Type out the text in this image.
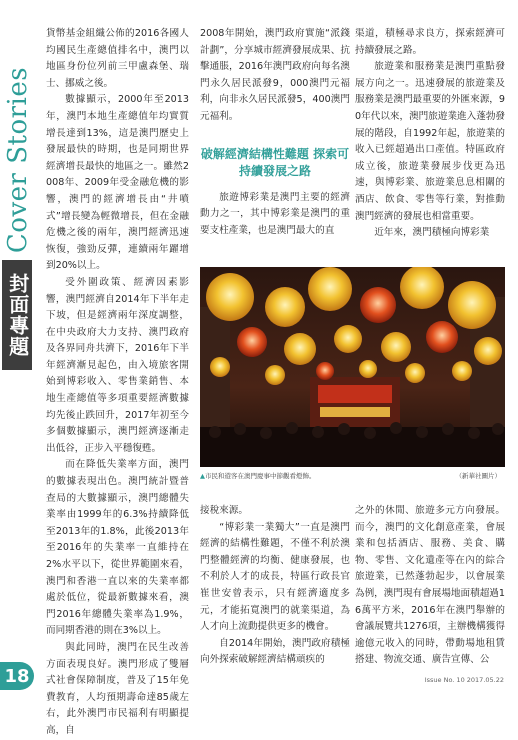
Cover Stories
封面專題

貨幣基金組織公佈的2016各國人均國民生產總值排名中，澳門以地區身份位列前三甲盧森堡、瑞士、挪威之後。

數據顯示，2000年至2013年，澳門本地生產總值年均實質增長達到13%，這是澳門歷史上發展最快的時期，也是同期世界經濟增長最快的地區之一。雖然2008年、2009年受金融危機的影響，澳門的經濟增長由“井噴式”增長變為輕微增長，但在金融危機之後的兩年，澳門經濟迅速恢復，強勁反彈，連續兩年躍增到20%以上。

受外圍政策、經濟因素影響，澳門經濟自2014年下半年走下坡，但是經濟兩年深度調整，在中央政府大力支持、澳門政府及各界同舟共濟下，2016年下半年經濟漸見起色，由入境旅客開始到博彩收入、零售業銷售、本地生產總值等多項重要經濟數據均先後止跌回升，2017年初至今多個數據顯示，澳門經濟逐漸走出低谷，正步入平穩復甦。

而在降低失業率方面，澳門的數據表現出色。澳門統計暨普查局的大數據顯示，澳門總體失業率由1999年的6.3%持續降低至2013年的1.8%，此後2013年至2016年的失業率一直維持在2%水平以下，從世界範圍來看，澳門和香港一直以來的失業率都處於低位，從最新數據來看，澳門2016年總體失業率為1.9%，而同期香港的則在3%以上。

與此同時，澳門在民生改善方面表現良好。澳門形成了雙層式社會保障制度，普及了15年免費教育，人均預期壽命達85歲左右，此外澳門市民福利有明顯提高，自

2008年開始，澳門政府實施“派錢計劃”，分享城市經濟發展成果、抗擊通脹，2016年澳門政府向每名澳門永久居民派發9，000澳門元福利，向非永久居民派發5，400澳門元福利。

破解經濟結構性難題 探索可持續發展之路

旅遊博彩業是澳門主要的經濟動力之一，其中博彩業是澳門的重要支柱產業，也是澳門最大的直

渠道，積極尋求良方，探索經濟可持續發展之路。

旅遊業和服務業是澳門重點發展方向之一。迅速發展的旅遊業及服務業是澳門最重要的外匯來源，90年代以來，澳門旅遊業進入蓬勃發展的階段，自1992年起，旅遊業的收入已經超過出口產值。特區政府成立後，旅遊業發展步伐更為迅速，與博彩業、旅遊業息息相關的酒店、飲食、零售等行業，對推動澳門經濟的發展也相當重要。

近年來，澳門積極向博彩業

▲市民和遊客在澳門慶事中節觀看燈飾。	（新華社圖片）

接稅來源。

“博彩業一業獨大”一直是澳門經濟的結構性難題，不僅不利於澳門整體經濟的均衡、健康發展，也不利於人才的成長，特區行政長官崔世安曾表示，只有經濟適度多元，才能拓寬澳門的就業渠道，為人才向上流動提供更多的機會。

自2014年開始，澳門政府積極向外探索破解經濟結構頑疾的

之外的休閒、旅遊多元方向發展。而今，澳門的文化創意產業，會展業和包括酒店、服務、美食、購物、零售、文化遺產等在內的綜合旅遊業，已然蓬勃起步，以會展業為例，澳門現有會展場地面積超過16萬平方米，2016年在澳門舉辦的會議展覽共1276項，主辦機構獲得逾億元收入的同時，帶動場地租賃搭建、物流交通、廣告宣傳、公

18	Issue No. 10 2017.05.22
